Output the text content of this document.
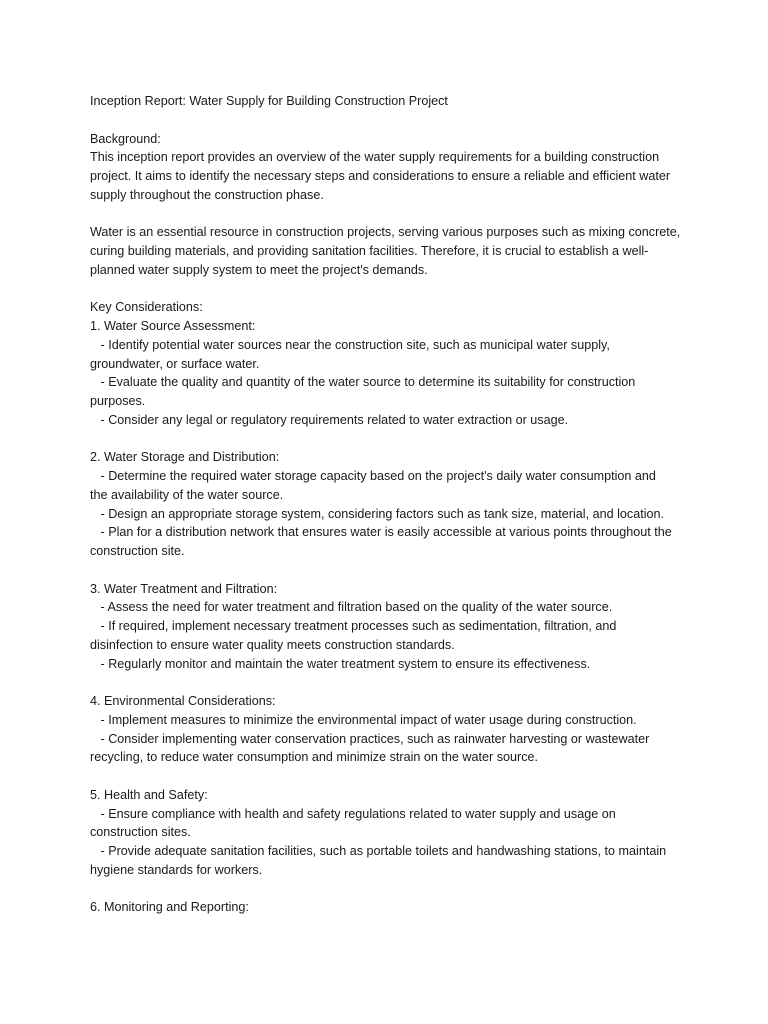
Inception Report: Water Supply for Building Construction Project
Background:
This inception report provides an overview of the water supply requirements for a building construction
project. It aims to identify the necessary steps and considerations to ensure a reliable and efficient water
supply throughout the construction phase.
Water is an essential resource in construction projects, serving various purposes such as mixing concrete,
curing building materials, and providing sanitation facilities. Therefore, it is crucial to establish a well-
planned water supply system to meet the project's demands.
Key Considerations:
1. Water Source Assessment:
- Identify potential water sources near the construction site, such as municipal water supply,
groundwater, or surface water.
- Evaluate the quality and quantity of the water source to determine its suitability for construction
purposes.
- Consider any legal or regulatory requirements related to water extraction or usage.
2. Water Storage and Distribution:
- Determine the required water storage capacity based on the project's daily water consumption and
the availability of the water source.
- Design an appropriate storage system, considering factors such as tank size, material, and location.
- Plan for a distribution network that ensures water is easily accessible at various points throughout the
construction site.
3. Water Treatment and Filtration:
- Assess the need for water treatment and filtration based on the quality of the water source.
- If required, implement necessary treatment processes such as sedimentation, filtration, and
disinfection to ensure water quality meets construction standards.
- Regularly monitor and maintain the water treatment system to ensure its effectiveness.
4. Environmental Considerations:
- Implement measures to minimize the environmental impact of water usage during construction.
- Consider implementing water conservation practices, such as rainwater harvesting or wastewater
recycling, to reduce water consumption and minimize strain on the water source.
5. Health and Safety:
- Ensure compliance with health and safety regulations related to water supply and usage on
construction sites.
- Provide adequate sanitation facilities, such as portable toilets and handwashing stations, to maintain
hygiene standards for workers.
6. Monitoring and Reporting:
